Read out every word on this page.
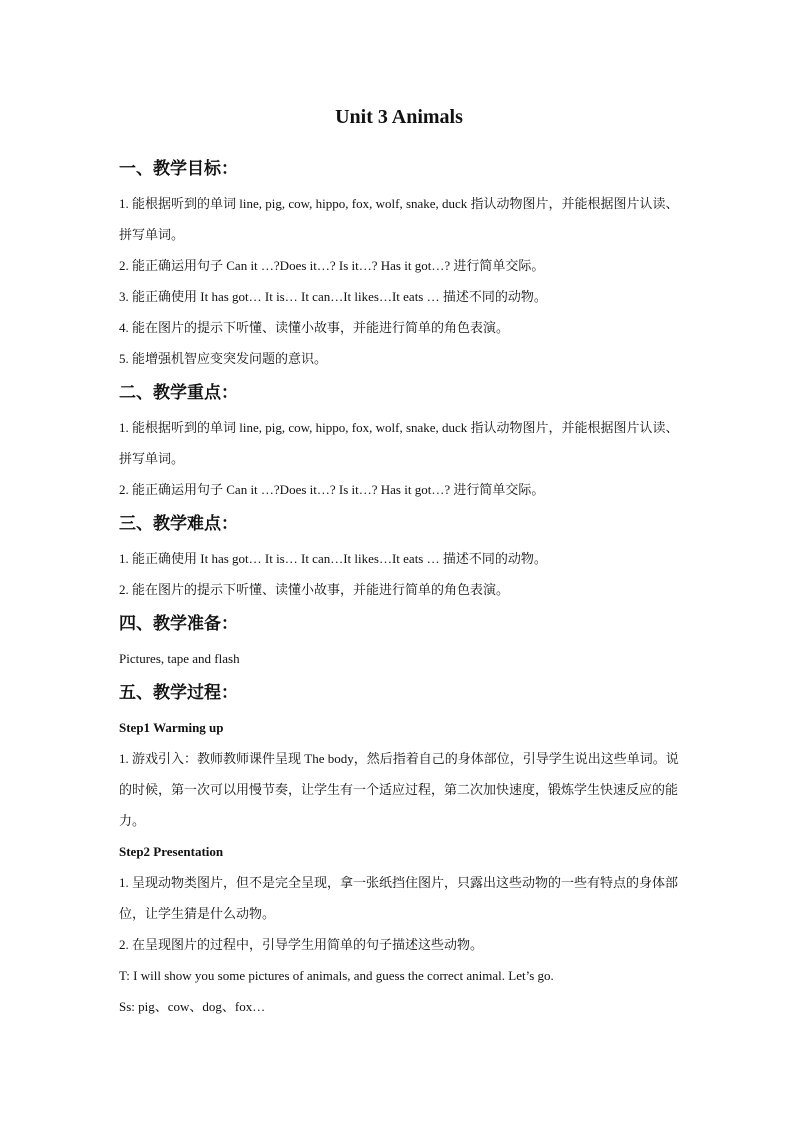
Unit 3 Animals
一、教学目标：

1. 能根据听到的单词 line, pig, cow, hippo, fox, wolf, snake, duck 指认动物图片，并能根据图片认读、拼写单词。

2. 能正确运用句子 Can it …?Does it…? Is it…? Has it got…? 进行简单交际。

3. 能正确使用 It has got… It is… It can…It likes…It eats … 描述不同的动物。

4. 能在图片的提示下听懂、读懂小故事，并能进行简单的角色表演。

5. 能增强机智应变突发问题的意识。

二、教学重点：

1. 能根据听到的单词 line, pig, cow, hippo, fox, wolf, snake, duck 指认动物图片，并能根据图片认读、拼写单词。

2. 能正确运用句子 Can it …?Does it…? Is it…? Has it got…? 进行简单交际。

三、教学难点：

1. 能正确使用 It has got… It is… It can…It likes…It eats … 描述不同的动物。

2. 能在图片的提示下听懂、读懂小故事，并能进行简单的角色表演。

四、教学准备：

Pictures, tape and flash

五、教学过程：

Step1 Warming up

1. 游戏引入：教师教师课件呈现 The body，然后指着自己的身体部位，引导学生说出这些单词。说的时候，第一次可以用慢节奏，让学生有一个适应过程，第二次加快速度，锻炼学生快速反应的能力。

Step2 Presentation

1. 呈现动物类图片，但不是完全呈现，拿一张纸挡住图片，只露出这些动物的一些有特点的身体部位，让学生猜是什么动物。

2. 在呈现图片的过程中，引导学生用简单的句子描述这些动物。

T: I will show you some pictures of animals, and guess the correct animal. Let’s go.

Ss: pig、cow、dog、fox…
